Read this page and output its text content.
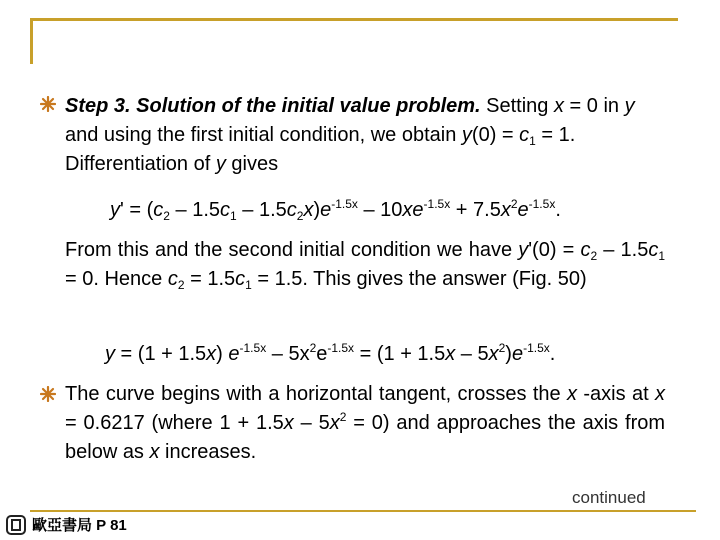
Step 3. Solution of the initial value problem. Setting x = 0 in y and using the first initial condition, we obtain $y(0) = c_1 = 1$. Differentiation of y gives
$y' = (c_2 - 1.5c_1 - 1.5c_2x)e^{-1.5x} - 10xe^{-1.5x} + 7.5x^2e^{-1.5x}$.
From this and the second initial condition we have $y'(0) = c_2 - 1.5c_1 = 0$. Hence $c_2 = 1.5c_1 = 1.5$. This gives the answer (Fig. 50)
y = (1 + 1.5x) $e^{-1.5x} - 5x^2e^{-1.5x} = (1 + 1.5x - 5x^2)e^{-1.5x}$.
The curve begins with a horizontal tangent, crosses the x -axis at x = 0.6217 (where $1 + 1.5x - 5x^2 = 0$) and approaches the axis from below as x increases.
continued
歐亞書局 P 81
